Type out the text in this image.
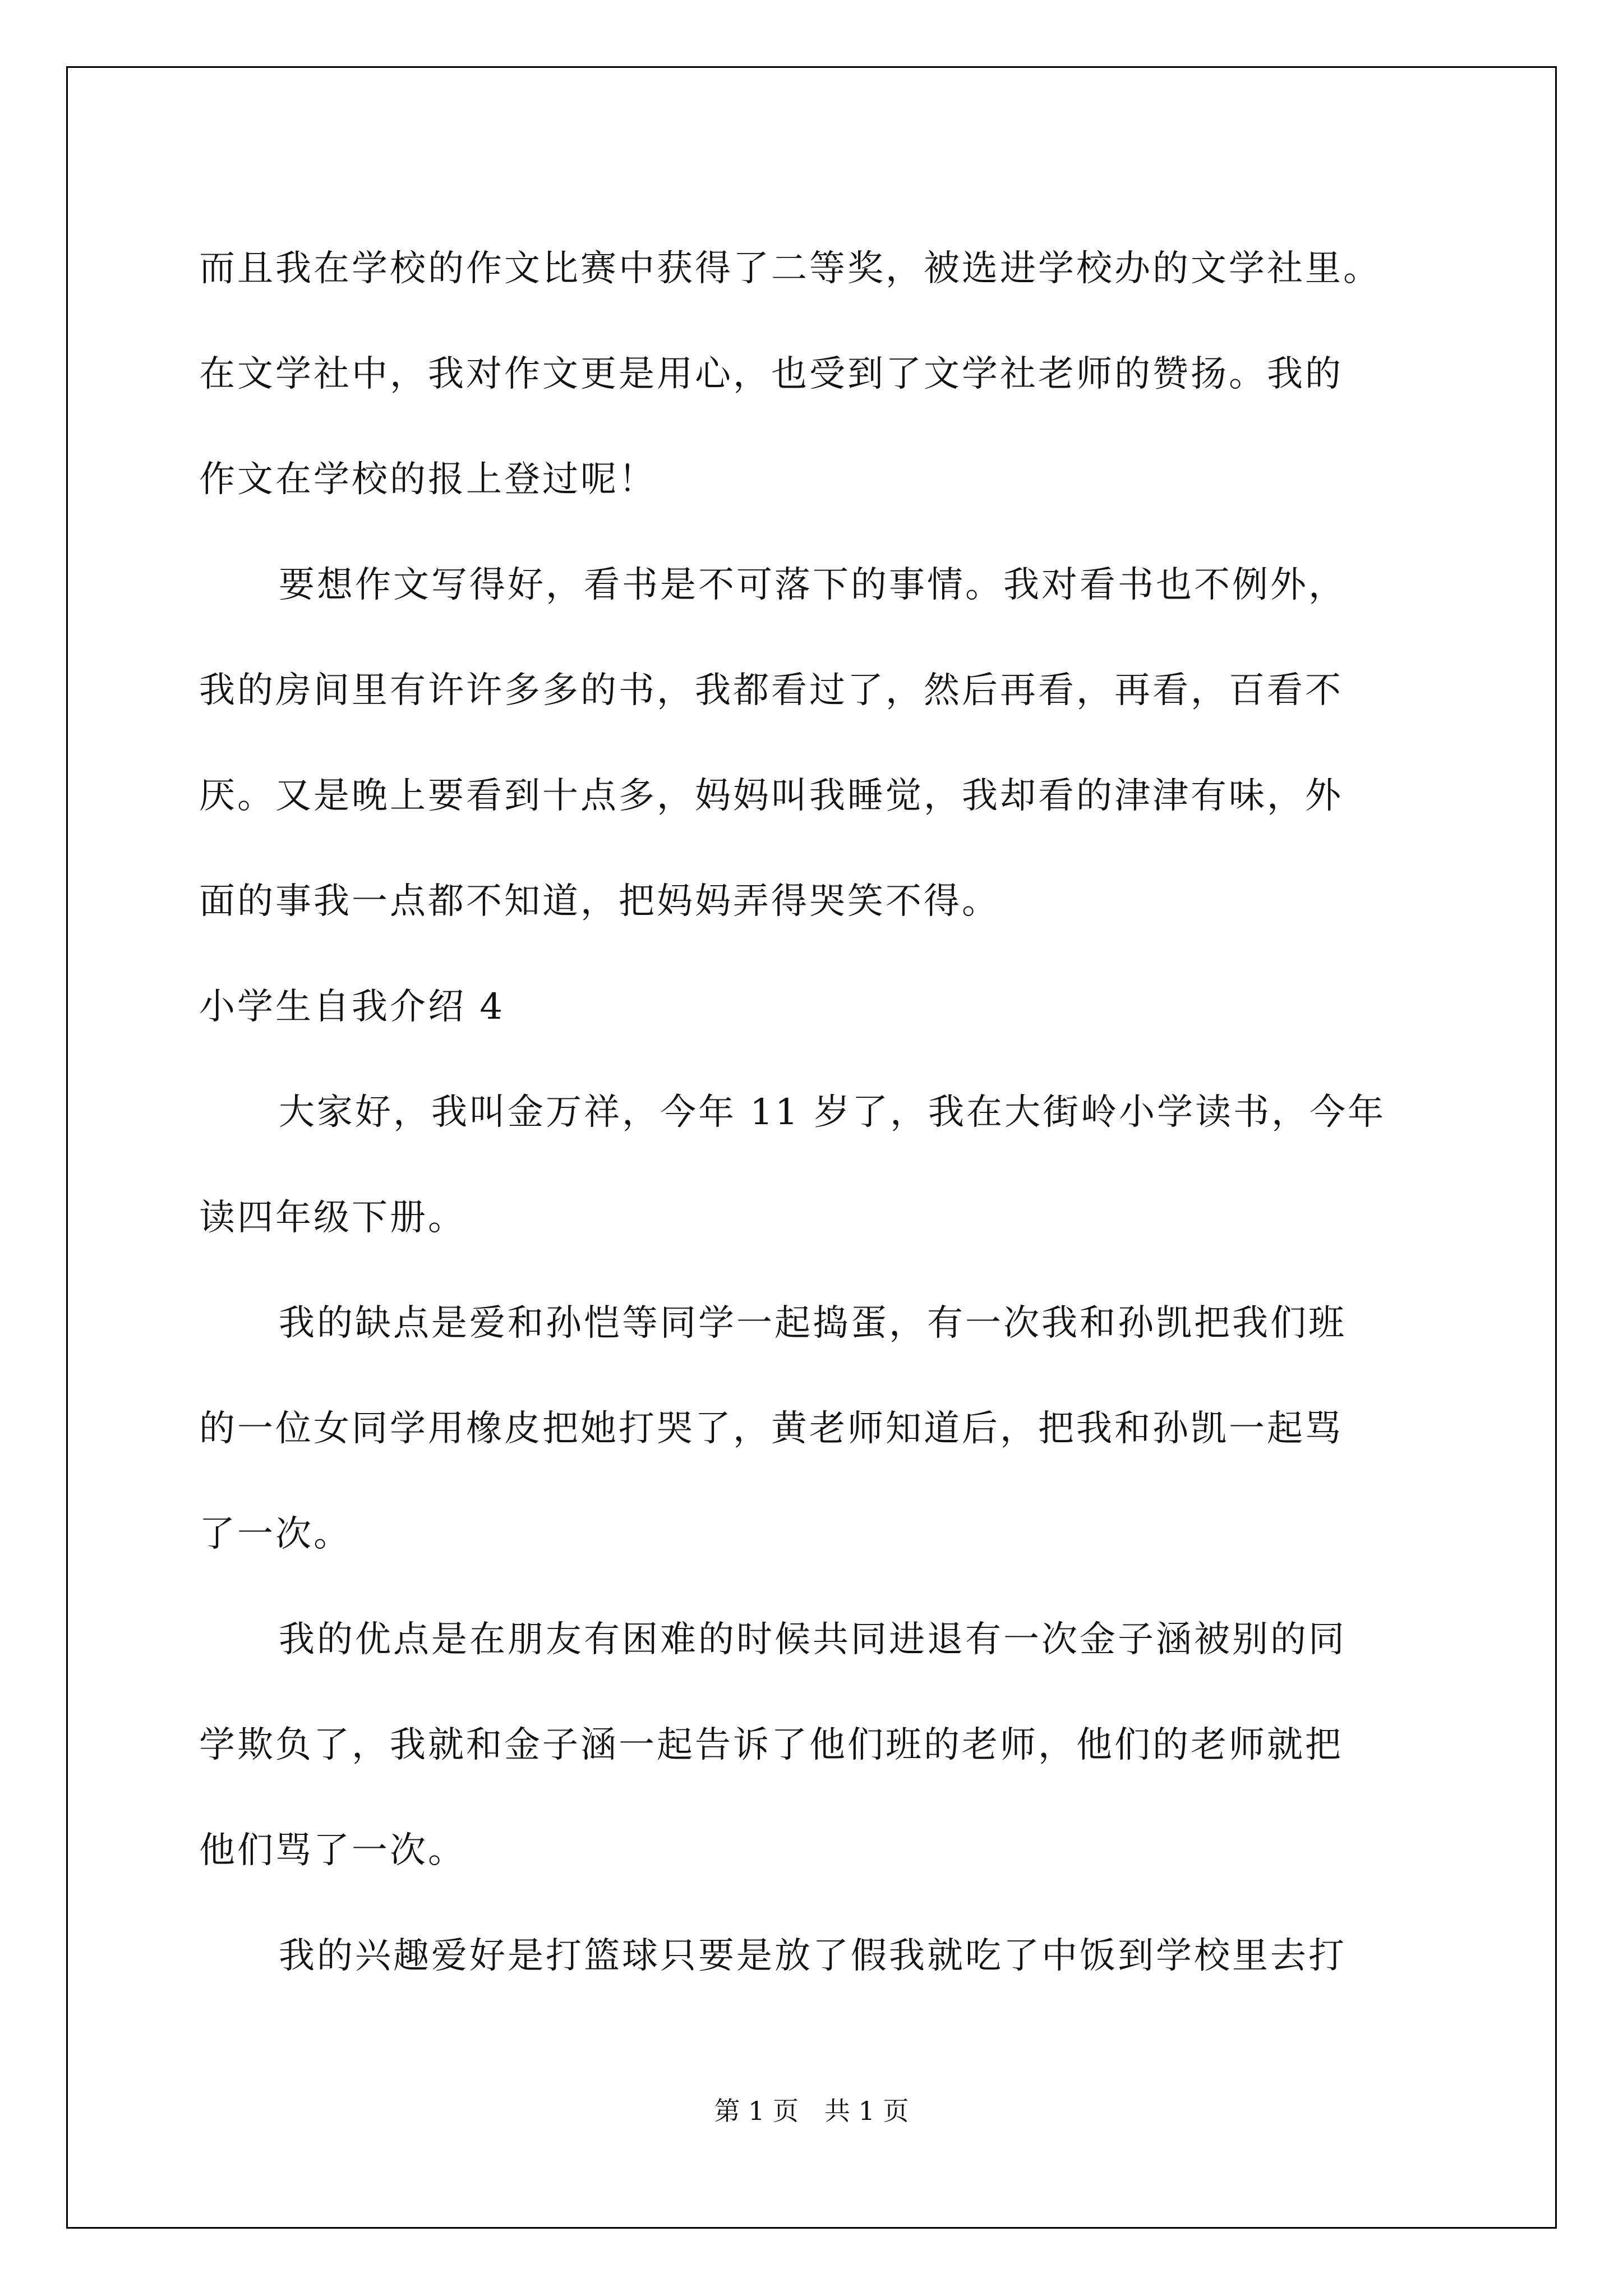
而且我在学校的作文比赛中获得了二等奖，被选进学校办的文学社里。
在文学社中，我对作文更是用心，也受到了文学社老师的赞扬。我的
作文在学校的报上登过呢！
要想作文写得好，看书是不可落下的事情。我对看书也不例外，
我的房间里有许许多多的书，我都看过了，然后再看，再看，百看不
厌。又是晚上要看到十点多，妈妈叫我睡觉，我却看的津津有味，外
面的事我一点都不知道，把妈妈弄得哭笑不得。
小学生自我介绍 4
大家好，我叫金万祥，今年 11 岁了，我在大街岭小学读书，今年
读四年级下册。
我的缺点是爱和孙恺等同学一起捣蛋，有一次我和孙凯把我们班
的一位女同学用橡皮把她打哭了，黄老师知道后，把我和孙凯一起骂
了一次。
我的优点是在朋友有困难的时候共同进退有一次金子涵被别的同
学欺负了，我就和金子涵一起告诉了他们班的老师，他们的老师就把
他们骂了一次。
我的兴趣爱好是打篮球只要是放了假我就吃了中饭到学校里去打
第 1 页　共 1 页
